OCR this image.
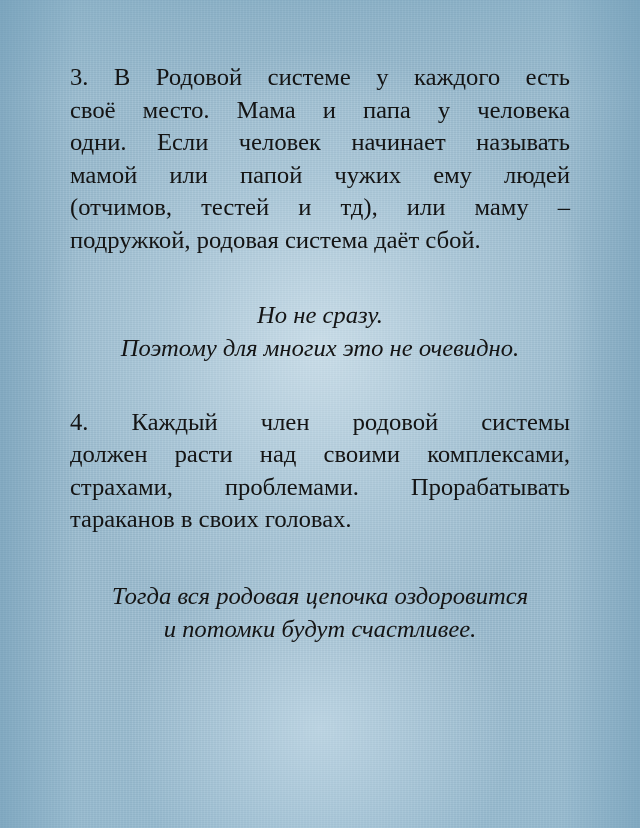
3. В Родовой системе у каждого есть
своё место. Мама и папа у человека
одни. Если человек начинает называть
мамой или папой чужих ему людей
(отчимов, тестей и тд), или маму –
подружкой, родовая система даёт сбой.

Но не сразу.
Поэтому для многих это не очевидно.

4. Каждый член родовой системы
должен расти над своими комплексами,
страхами, проблемами. Прорабатывать
тараканов в своих головах.

Тогда вся родовая цепочка оздоровится
и потомки будут счастливее.
